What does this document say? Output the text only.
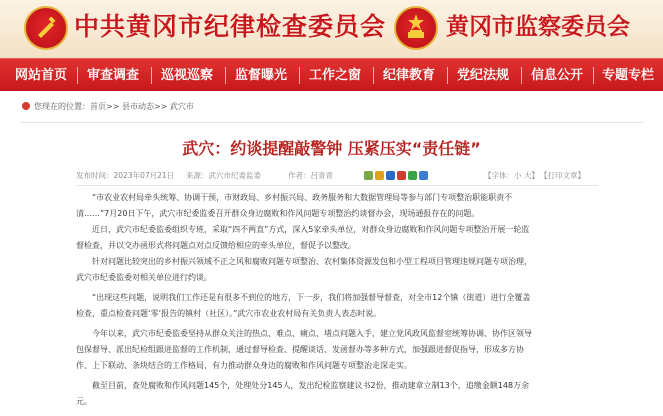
中共黄冈市纪律检查委员会	黄冈市监察委员会
网站首页	审查调查	巡视巡察	监督曝光	工作之窗	纪律教育	党纪法规	信息公开	专题专栏
您现在的位置：首页>> 县市动态>> 武穴市
武穴：约谈提醒敲警钟 压紧压实“责任链”
发布时间：2023年07月21日 来源：武穴市纪委监委	作者：吕青青	【字体：小 大】 【打印文章】
“市农业农村局牵头统筹、协调干预，市财政局、乡村振兴局、政务服务和大数据管理局等参与部门专项整治职能职责不
清……”7月20日下午，武穴市纪委监委召开群众身边腐败和作风问题专项整治约谈督办会，现场通报存在的问题。
近日，武穴市纪委监委组织专班，采取“四不两直”方式，深入5家牵头单位，对群众身边腐败和作风问题专项整治开展一轮监
督检查，并以交办函形式将问题点对点反馈给相应的牵头单位，督促予以整改。
针对问题比较突出的乡村振兴领域不正之风和腐败问题专项整治、农村集体资源发包和小型工程项目管理违规问题专项治理，
武穴市纪委监委对相关单位进行约谈。
“出现这些问题，说明我们工作还是有很多不到位的地方，下一步，我们将加强督导督查，对全市12个镇（街道）进行全覆盖
检查，重点检查问题‘零’报告的镇村（社区）。”武穴市农业农村局有关负责人表态时说。
今年以来，武穴市纪委监委坚持从群众关注的热点、难点、痛点、堵点问题入手，建立党风政风监督室统筹协调、协作区领导
包保督导、派出纪检组跟进监督的工作机制，通过督导检查、提醒谈话、发函督办等多种方式，加强跟进督促指导，形成多方协
作、上下联动、条块结合的工作格局，有力推动群众身边的腐败和作风问题专项整治走深走实。
截至目前，查处腐败和作风问题145个，处理处分145人，发出纪检监察建议书2份，推动建章立制13个，追缴金额148万余
元。
